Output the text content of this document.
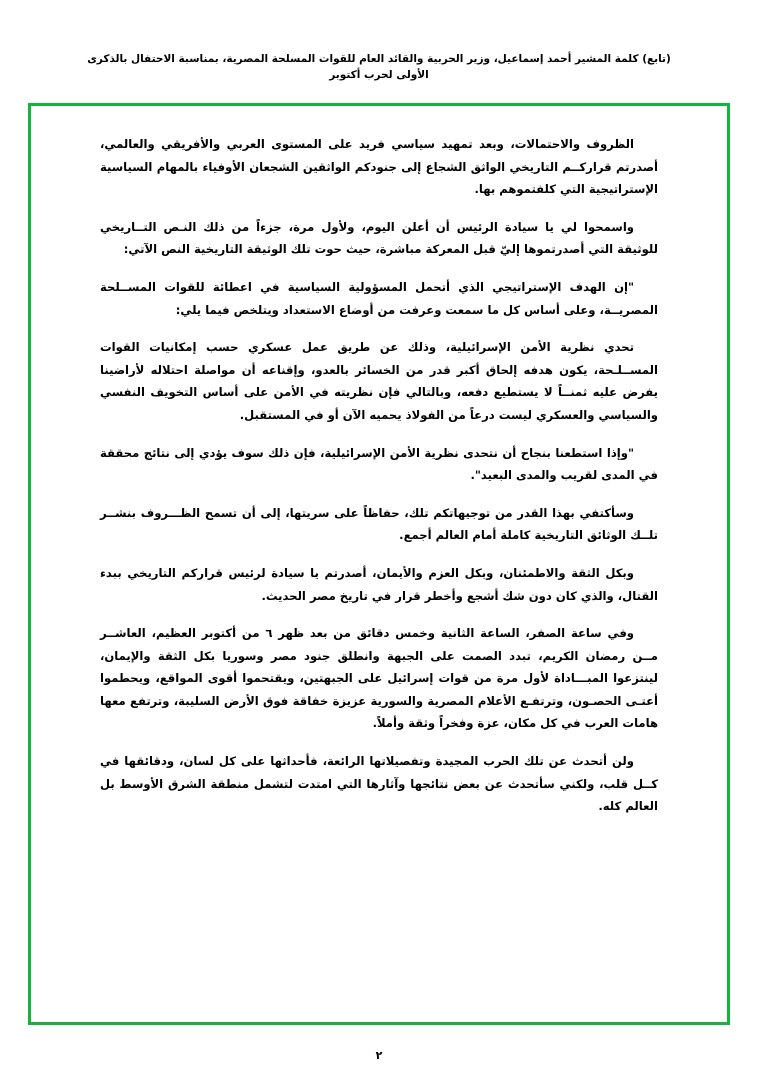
(تابع) كلمة المشير أحمد إسماعيل، وزير الحربية والقائد العام للقوات المسلحة المصرية، بمناسبة الاحتفال بالذكرى الأولى لحرب أكتوبر

الظروف والاحتمالات، وبعد تمهيد سياسي فريد على المستوى العربي والأفريقي والعالمي، أصدرتم قراركــم التاريخي الواثق الشجاع إلى جنودكم الواثقين الشجعان الأوفياء بالمهام السياسية الإستراتيجية التي كلفتموهم بها.

واسمحوا لي يا سيادة الرئيس أن أعلن اليوم، ولأول مرة، جزءاً من ذلك النـص التــاريخي للوثيقة التي أصدرتموها إليّ قبل المعركة مباشرة، حيث حوت تلك الوثيقة التاريخية النص الآتي:

"إن الهدف الإستراتيجي الذي أتحمل المسؤولية السياسية في اعطائة للقوات المســلحة المصريــة، وعلى أساس كل ما سمعت وعرفت من أوضاع الاستعداد ويتلخص فيما يلي:

تحدي نظرية الأمن الإسرائيلية، وذلك عن طريق عمل عسكري حسب إمكانيات القوات المســلـحة، يكون هدفه إلحاق أكبر قدر من الخسائر بالعدو، وإقناعه أن مواصلة احتلاله لأراضينا يفرض عليه ثمنــاً لا يستطيع دفعه، وبالتالي فإن نظريته في الأمن على أساس التخويف النفسي والسياسي والعسكري ليست درعاً من الفولاذ يحميه الآن أو في المستقبل.

"وإذا استطعنا بنجاح أن نتحدى نظرية الأمن الإسرائيلية، فإن ذلك سوف يؤدي إلى نتائج محققة في المدى لقريب والمدى البعيد".

وسأكتفي بهذا القدر من توجيهاتكم تلك، حفاظاً على سريتها، إلى أن تسمح الظـــروف بنشــر تلــك الوثائق التاريخية كاملة أمام العالم أجمع.

وبكل الثقة والاطمئنان، وبكل العزم والأيمان، أصدرتم يا سيادة لرئيس قراركم التاريخي ببدء القتال، والذي كان دون شك أشجع وأخطر قرار في تاريخ مصر الحديث.

وفي ساعة الصفر، الساعة الثانية وخمس دقائق من بعد ظهر ٦ من أكتوبر العظيم، العاشــر مــن رمضان الكريم، تبدد الصمت على الجبهة وانطلق جنود مصر وسوريا بكل الثقة والإيمان، لينتزعوا المبـــاداة لأول مرة من قوات إسرائيل على الجبهتين، ويقتحموا أقوى المواقع، ويحطموا أعتـى الحصـون، وترتفـع الأعلام المصرية والسورية عزيزة خفاقة فوق الأرض السليبة، وترتفع معها هامات العرب في كل مكان، عزة وفخراً وثقة وأملاً.

ولن أتحدث عن تلك الحرب المجيدة وتفصيلاتها الرائعة، فأحداثها على كل لسان، ودقائقها في كــل قلب، ولكني سأتحدث عن بعض نتائجها وآثارها التي امتدت لتشمل منطقة الشرق الأوسط بل العالم كله.

٢
